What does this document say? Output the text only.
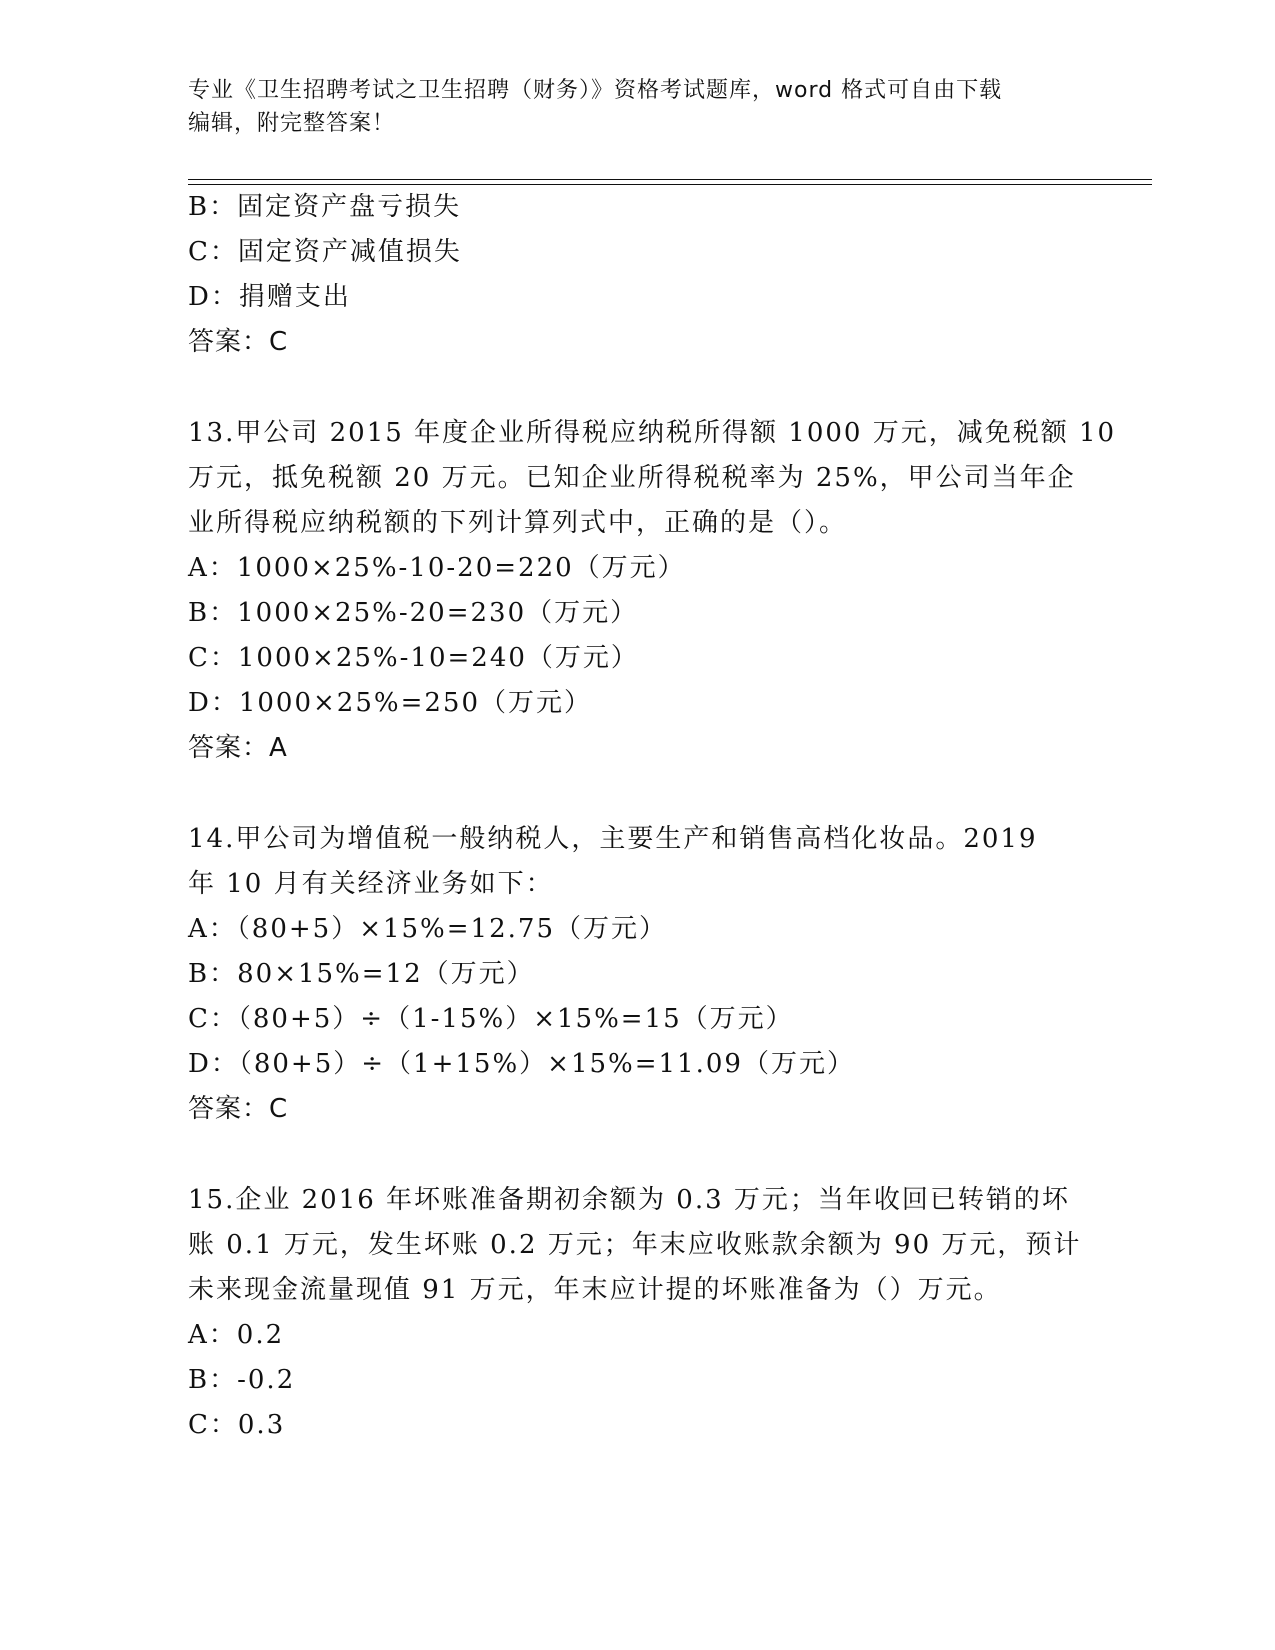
专业《卫生招聘考试之卫生招聘（财务）》资格考试题库，word 格式可自由下载
编辑，附完整答案！
B：固定资产盘亏损失
C：固定资产减值损失
D：捐赠支出
答案：C
13.甲公司 2015 年度企业所得税应纳税所得额 1000 万元，减免税额 10
万元，抵免税额 20 万元。已知企业所得税税率为 25%，甲公司当年企
业所得税应纳税额的下列计算列式中，正确的是（）。
A：1000×25%-10-20=220（万元）
B：1000×25%-20=230（万元）
C：1000×25%-10=240（万元）
D：1000×25%=250（万元）
答案：A
14.甲公司为增值税一般纳税人，主要生产和销售高档化妆品。2019
年 10 月有关经济业务如下：
A：（80+5）×15%=12.75（万元）
B：80×15%=12（万元）
C：（80+5）÷（1-15%）×15%=15（万元）
D：（80+5）÷（1+15%）×15%=11.09（万元）
答案：C
15.企业 2016 年坏账准备期初余额为 0.3 万元；当年收回已转销的坏
账 0.1 万元，发生坏账 0.2 万元；年末应收账款余额为 90 万元，预计
未来现金流量现值 91 万元，年末应计提的坏账准备为（）万元。
A：0.2
B：-0.2
C：0.3
